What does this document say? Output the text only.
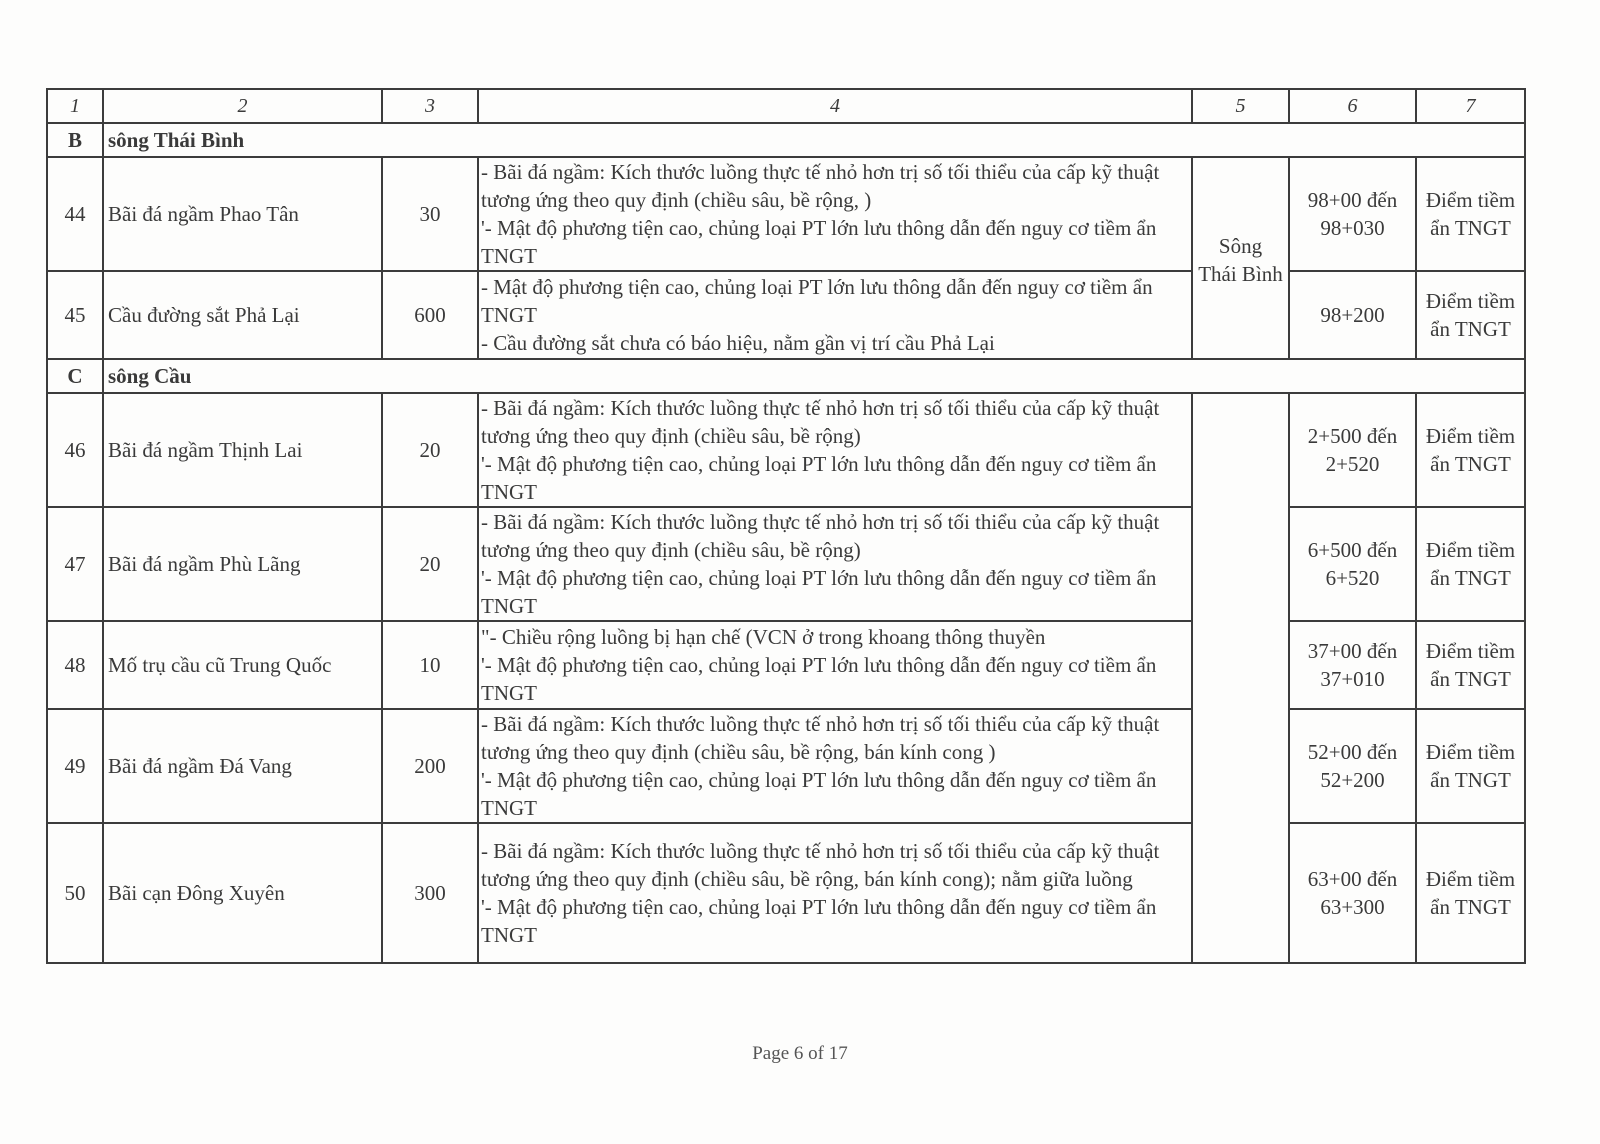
1	2	3	4	5	6	7
B	sông Thái Bình					
44	Bãi đá ngầm Phao Tân	30	- Bãi đá ngầm: Kích thước luồng thực tế nhỏ hơn trị số tối thiểu của cấp kỹ thuật tương ứng theo quy định (chiều sâu, bề rộng, )
'- Mật độ phương tiện cao, chủng loại PT lớn lưu thông dẫn đến nguy cơ tiềm ẩn TNGT	Sông
Thái Bình	98+00 đến
98+030	Điểm tiềm
ẩn TNGT
45	Cầu đường sắt Phả Lại	600	- Mật độ phương tiện cao, chủng loại PT lớn lưu thông dẫn đến nguy cơ tiềm ẩn TNGT
- Cầu đường sắt chưa có báo hiệu, nằm gần vị trí cầu Phả Lại		98+200	Điểm tiềm
ẩn TNGT
C	sông Cầu					
46	Bãi đá ngầm Thịnh Lai	20	- Bãi đá ngầm: Kích thước luồng thực tế nhỏ hơn trị số tối thiểu của cấp kỹ thuật tương ứng theo quy định (chiều sâu, bề rộng)
'- Mật độ phương tiện cao, chủng loại PT lớn lưu thông dẫn đến nguy cơ tiềm ẩn TNGT		2+500 đến
2+520	Điểm tiềm
ẩn TNGT
47	Bãi đá ngầm Phù Lãng	20	- Bãi đá ngầm: Kích thước luồng thực tế nhỏ hơn trị số tối thiểu của cấp kỹ thuật tương ứng theo quy định (chiều sâu, bề rộng)
'- Mật độ phương tiện cao, chủng loại PT lớn lưu thông dẫn đến nguy cơ tiềm ẩn TNGT		6+500 đến
6+520	Điểm tiềm
ẩn TNGT
48	Mố trụ cầu cũ Trung Quốc	10	"- Chiều rộng luồng bị hạn chế (VCN ở trong khoang thông thuyền
'- Mật độ phương tiện cao, chủng loại PT lớn lưu thông dẫn đến nguy cơ tiềm ẩn TNGT		37+00 đến
37+010	Điểm tiềm
ẩn TNGT
49	Bãi đá ngầm Đá Vang	200	- Bãi đá ngầm: Kích thước luồng thực tế nhỏ hơn trị số tối thiểu của cấp kỹ thuật tương ứng theo quy định (chiều sâu, bề rộng, bán kính cong )
'- Mật độ phương tiện cao, chủng loại PT lớn lưu thông dẫn đến nguy cơ tiềm ẩn TNGT		52+00 đến
52+200	Điểm tiềm
ẩn TNGT
50	Bãi cạn Đông Xuyên	300	- Bãi đá ngầm: Kích thước luồng thực tế nhỏ hơn trị số tối thiểu của cấp kỹ thuật tương ứng theo quy định (chiều sâu, bề rộng, bán kính cong); nằm giữa luồng
'- Mật độ phương tiện cao, chủng loại PT lớn lưu thông dẫn đến nguy cơ tiềm ẩn TNGT		63+00 đến
63+300	Điểm tiềm
ẩn TNGT
Page 6 of 17
